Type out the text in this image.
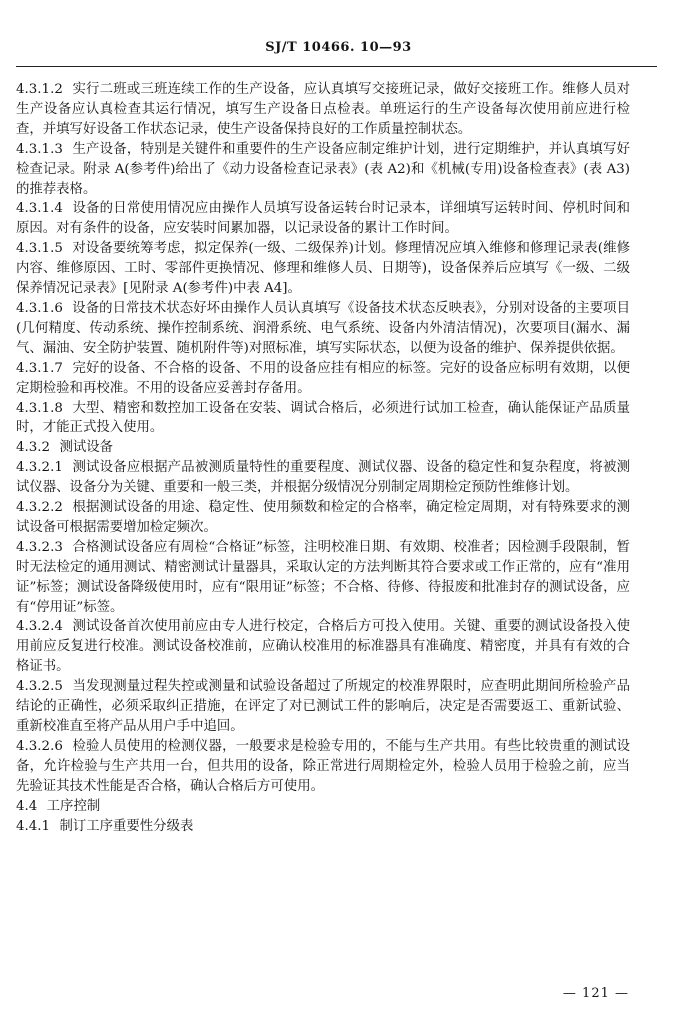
SJ/T 10466. 10—93

4.3.1.2 实行二班或三班连续工作的生产设备，应认真填写交接班记录，做好交接班工作。维修人员对生产设备应认真检查其运行情况，填写生产设备日点检表。单班运行的生产设备每次使用前应进行检查，并填写好设备工作状态记录，使生产设备保持良好的工作质量控制状态。

4.3.1.3 生产设备，特别是关键件和重要件的生产设备应制定维护计划，进行定期维护，并认真填写好检查记录。附录 A(参考件)给出了《动力设备检查记录表》(表 A2)和《机械(专用)设备检查表》(表 A3)的推荐表格。

4.3.1.4 设备的日常使用情况应由操作人员填写设备运转台时记录本，详细填写运转时间、停机时间和原因。对有条件的设备，应安装时间累加器，以记录设备的累计工作时间。

4.3.1.5 对设备要统筹考虑，拟定保养(一级、二级保养)计划。修理情况应填入维修和修理记录表(维修内容、维修原因、工时、零部件更换情况、修理和维修人员、日期等)，设备保养后应填写《一级、二级保养情况记录表》[见附录 A(参考件)中表 A4]。

4.3.1.6 设备的日常技术状态好坏由操作人员认真填写《设备技术状态反映表》，分别对设备的主要项目(几何精度、传动系统、操作控制系统、润滑系统、电气系统、设备内外清洁情况)，次要项目(漏水、漏气、漏油、安全防护装置、随机附件等)对照标准，填写实际状态，以便为设备的维护、保养提供依据。

4.3.1.7 完好的设备、不合格的设备、不用的设备应挂有相应的标签。完好的设备应标明有效期，以便定期检验和再校准。不用的设备应妥善封存备用。

4.3.1.8 大型、精密和数控加工设备在安装、调试合格后，必须进行试加工检查，确认能保证产品质量时，才能正式投入使用。

4.3.2 测试设备

4.3.2.1 测试设备应根据产品被测质量特性的重要程度、测试仪器、设备的稳定性和复杂程度，将被测试仪器、设备分为关键、重要和一般三类，并根据分级情况分别制定周期检定预防性维修计划。

4.3.2.2 根据测试设备的用途、稳定性、使用频数和检定的合格率，确定检定周期，对有特殊要求的测试设备可根据需要增加检定频次。

4.3.2.3 合格测试设备应有周检“合格证”标签，注明校准日期、有效期、校准者；因检测手段限制，暂时无法检定的通用测试、精密测试计量器具，采取认定的方法判断其符合要求或工作正常的，应有“准用证”标签；测试设备降级使用时，应有“限用证”标签；不合格、待修、待报废和批准封存的测试设备，应有“停用证”标签。

4.3.2.4 测试设备首次使用前应由专人进行校定，合格后方可投入使用。关键、重要的测试设备投入使用前应反复进行校准。测试设备校准前，应确认校准用的标准器具有准确度、精密度，并具有有效的合格证书。

4.3.2.5 当发现测量过程失控或测量和试验设备超过了所规定的校准界限时，应查明此期间所检验产品结论的正确性，必须采取纠正措施，在评定了对已测试工件的影响后，决定是否需要返工、重新试验、重新校准直至将产品从用户手中追回。

4.3.2.6 检验人员使用的检测仪器，一般要求是检验专用的，不能与生产共用。有些比较贵重的测试设备，允许检验与生产共用一台，但共用的设备，除正常进行周期检定外，检验人员用于检验之前，应当先验证其技术性能是否合格，确认合格后方可使用。

4.4 工序控制

4.4.1 制订工序重要性分级表

— 121 —
